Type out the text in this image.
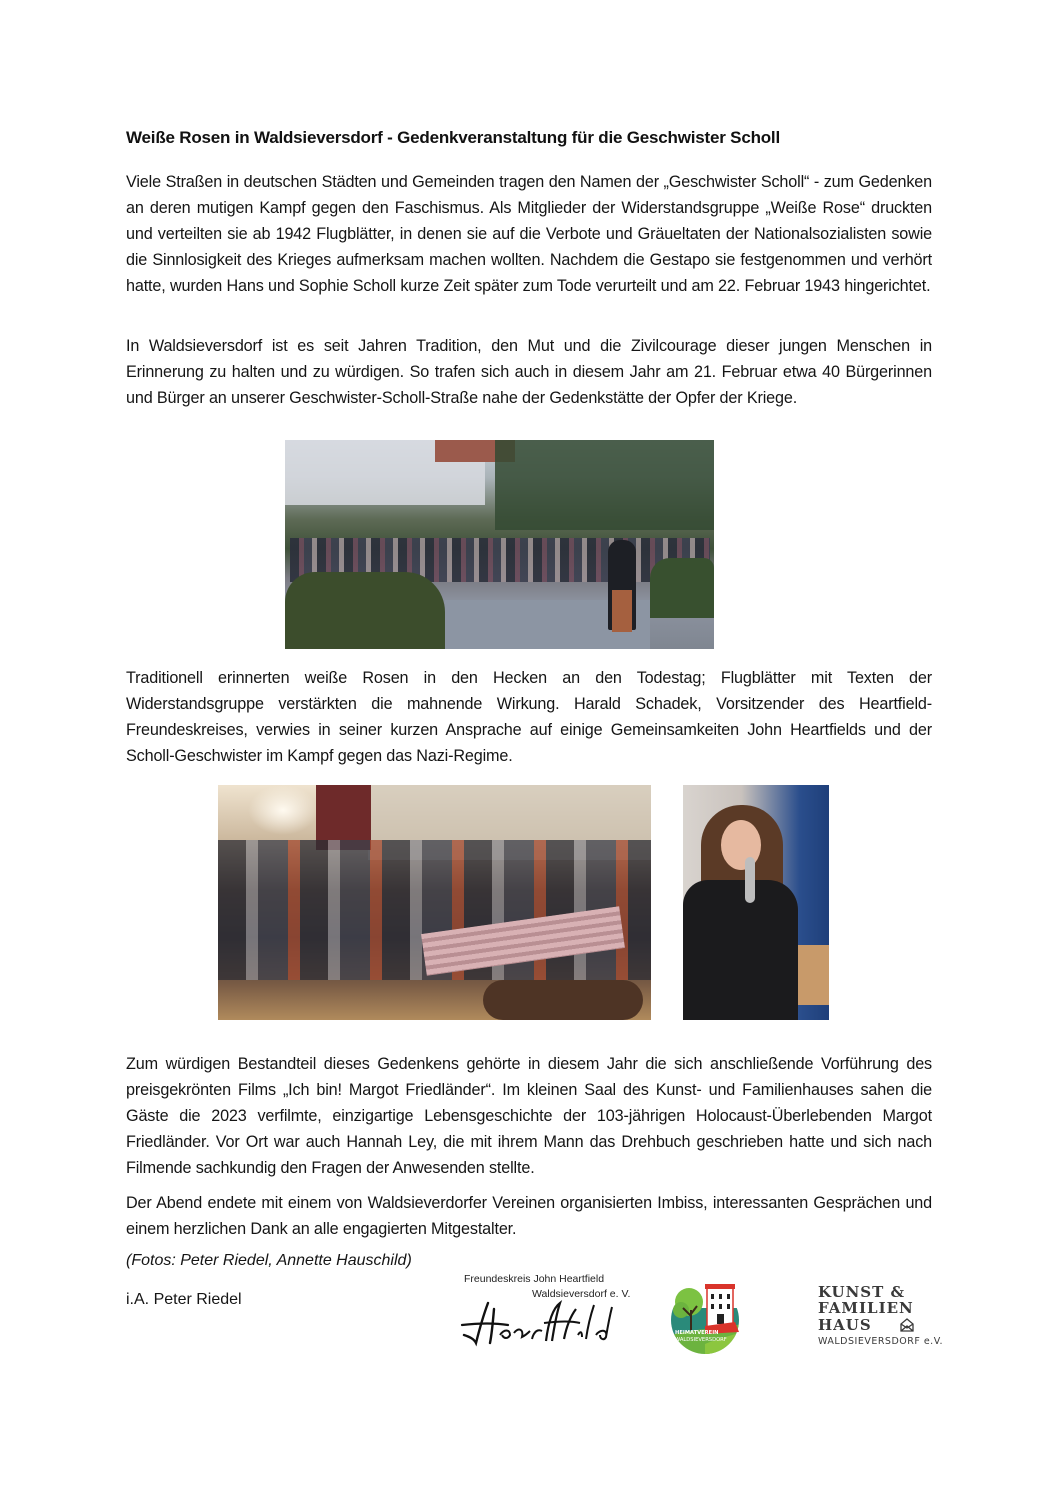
Weiße Rosen in Waldsieversdorf - Gedenkveranstaltung für die Geschwister Scholl

Viele Straßen in deutschen Städten und Gemeinden tragen den Namen der „Geschwister Scholl“ - zum Gedenken an deren mutigen Kampf gegen den Faschismus. Als Mitglieder der Widerstandsgruppe „Weiße Rose“ druckten und verteilten sie ab 1942 Flugblätter, in denen sie auf die Verbote und Gräueltaten der Nationalsozialisten sowie die Sinnlosigkeit des Krieges aufmerksam machen wollten. Nachdem die Gestapo sie festgenommen und verhört hatte, wurden Hans und Sophie Scholl kurze Zeit später zum Tode verurteilt und am 22. Februar 1943 hingerichtet.

In Waldsieversdorf ist es seit Jahren Tradition, den Mut und die Zivilcourage dieser jungen Menschen in Erinnerung zu halten und zu würdigen. So trafen sich auch in diesem Jahr am 21. Februar etwa 40 Bürgerinnen und Bürger an unserer Geschwister-Scholl-Straße nahe der Gedenkstätte der Opfer der Kriege.

Traditionell erinnerten weiße Rosen in den Hecken an den Todestag; Flugblätter mit Texten der Widerstandsgruppe verstärkten die mahnende Wirkung. Harald Schadek, Vorsitzender des Heartfield-Freundeskreises, verwies in seiner kurzen Ansprache auf einige Gemeinsamkeiten John Heartfields und der Scholl-Geschwister im Kampf gegen das Nazi-Regime.

Zum würdigen Bestandteil dieses Gedenkens gehörte in diesem Jahr die sich anschließende Vorführung des preisgekrönten Films „Ich bin! Margot Friedländer“. Im kleinen Saal des Kunst- und Familienhauses sahen die Gäste die 2023 verfilmte, einzigartige Lebensgeschichte der 103-jährigen Holocaust-Überlebenden Margot Friedländer. Vor Ort war auch Hannah Ley, die mit ihrem Mann das Drehbuch geschrieben hatte und sich nach Filmende sachkundig den Fragen der Anwesenden stellte.

Der Abend endete mit einem von Waldsieverdorfer Vereinen organisierten Imbiss, interessanten Gesprächen und einem herzlichen Dank an alle engagierten Mitgestalter.

(Fotos: Peter Riedel, Annette Hauschild)
i.A. Peter Riedel
Freundeskreis John Heartfield
Waldsieversdorf e. V.
HEIMATVEREIN
WALDSIEVERSDORF
KUNST &
FAMILIEN
HAUS
WALDSIEVERSDORF e.V.
